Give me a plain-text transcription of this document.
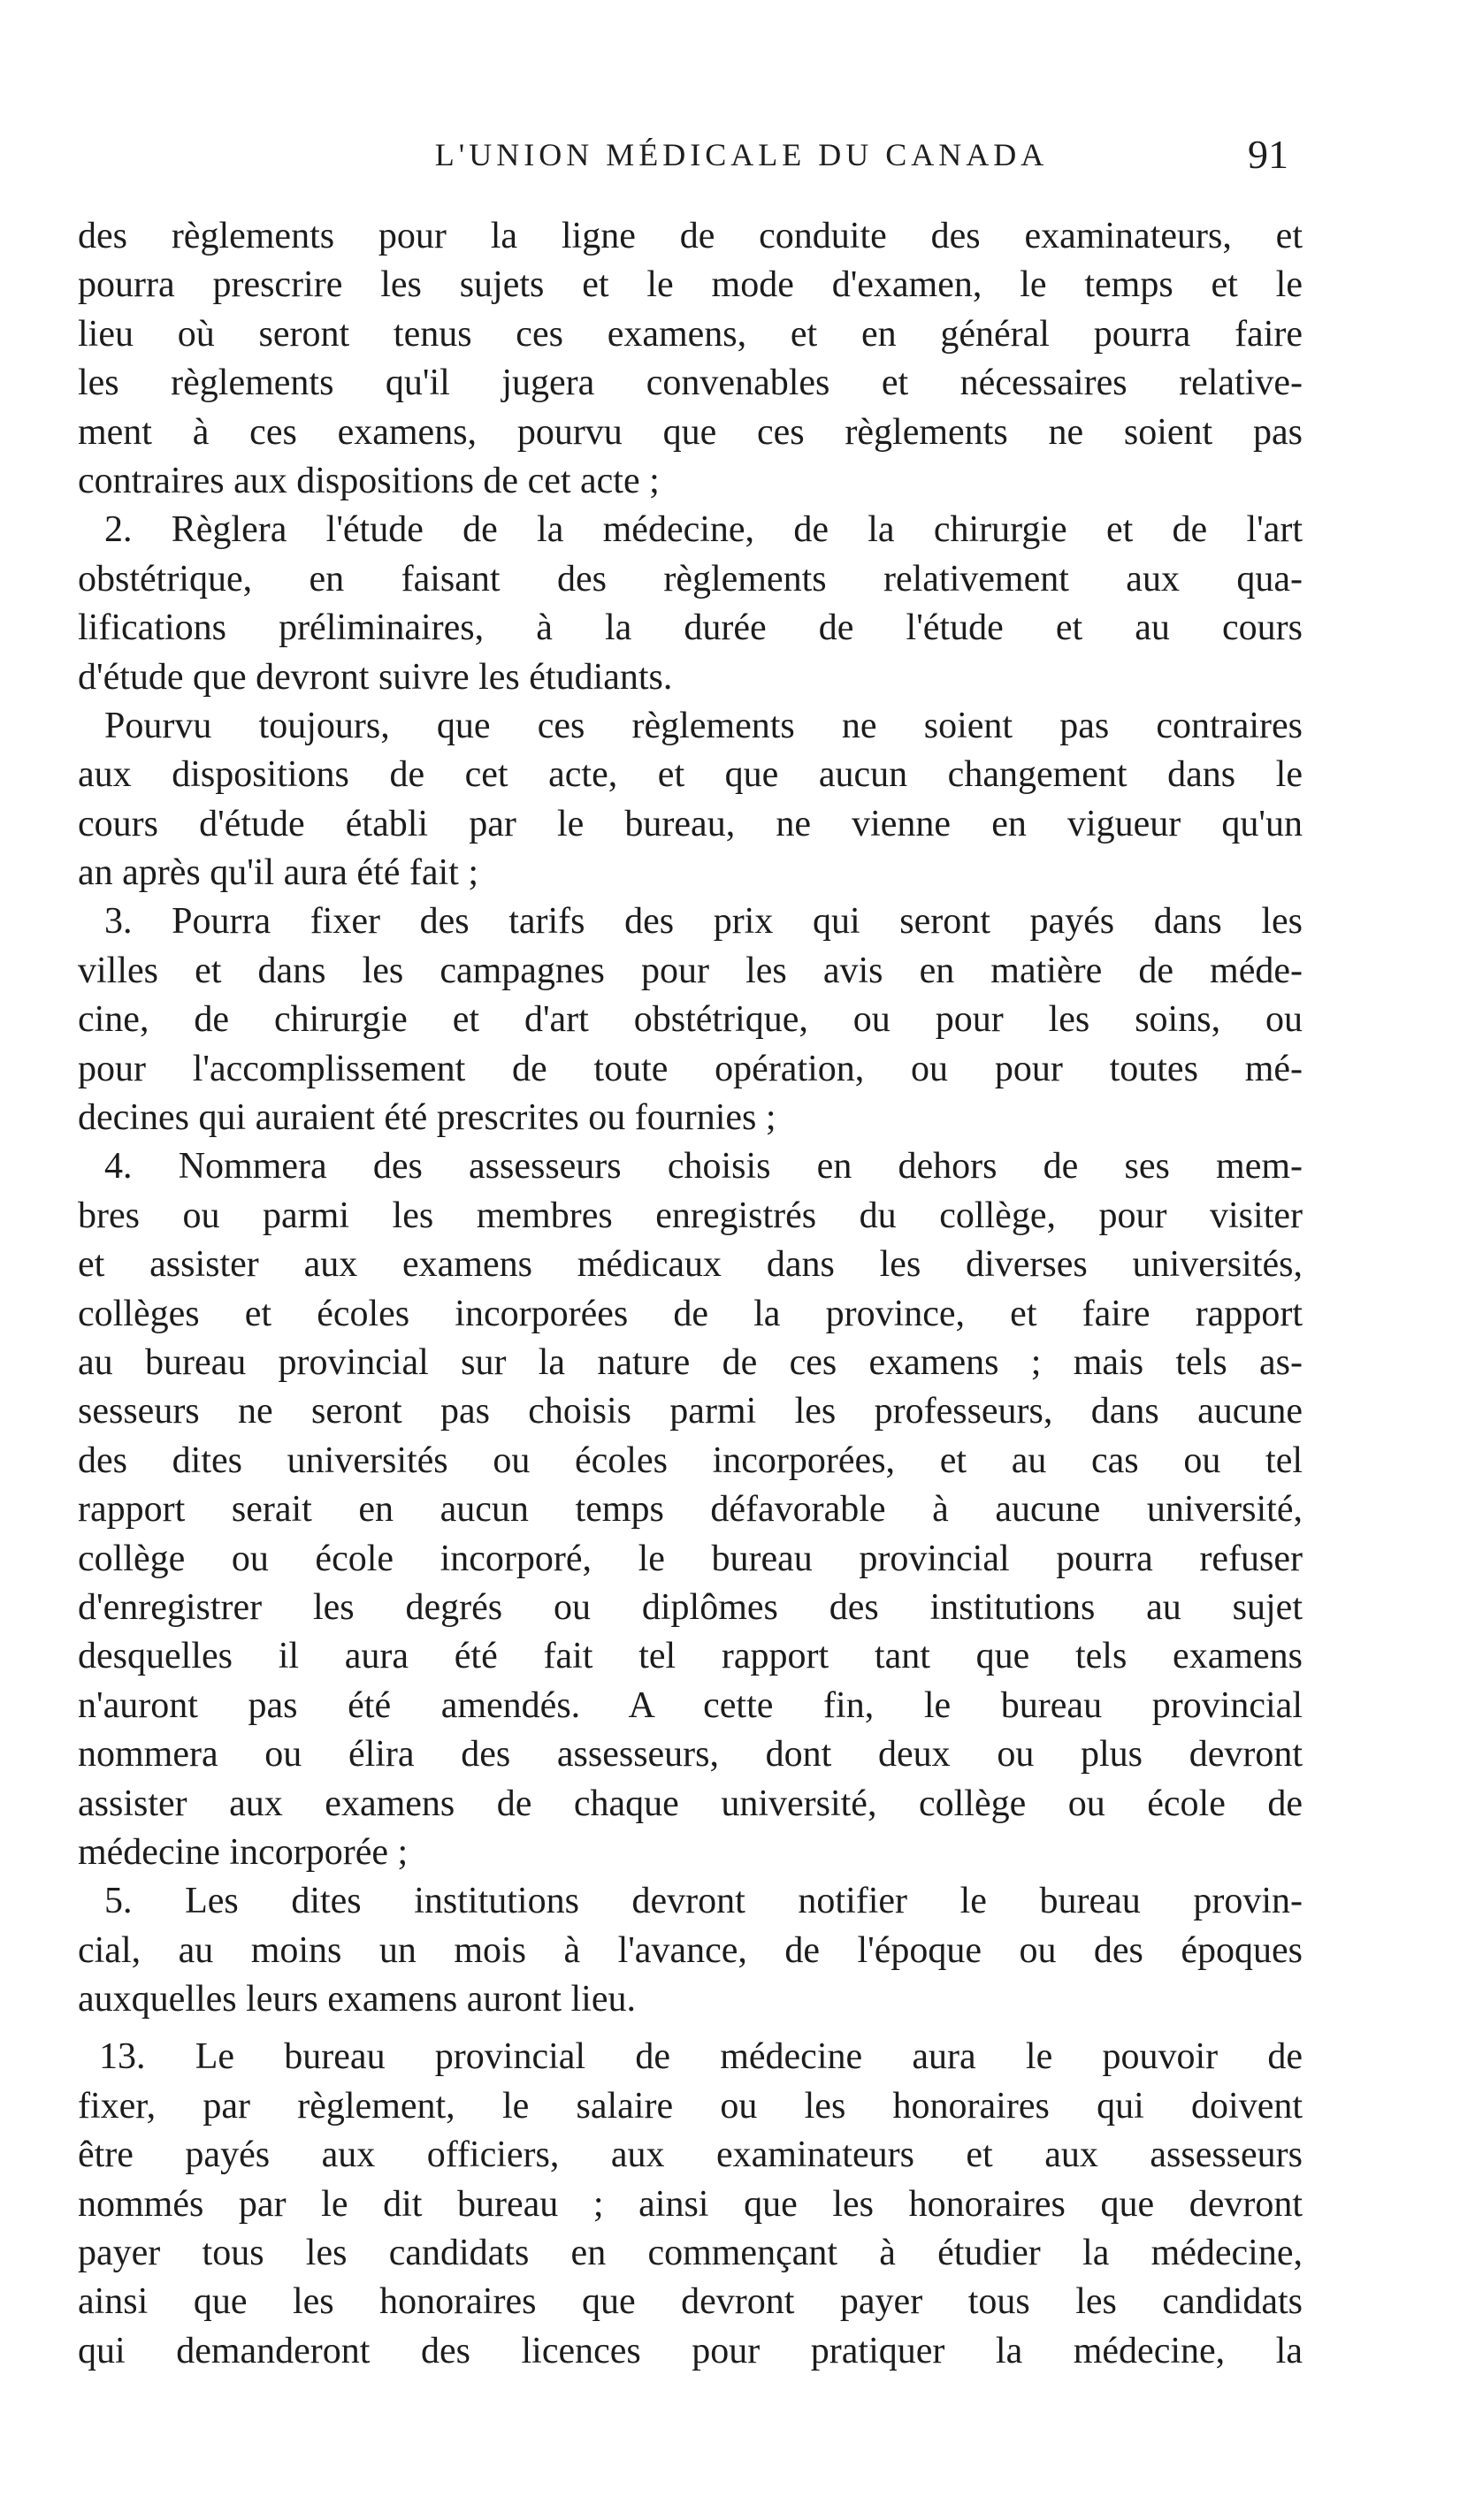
L'UNION MÉDICALE DU CANADA	91
des règlements pour la ligne de conduite des examinateurs, et
pourra prescrire les sujets et le mode d'examen, le temps et le
lieu où seront tenus ces examens, et en général pourra faire
les règlements qu'il jugera convenables et nécessaires relative-
ment à ces examens, pourvu que ces règlements ne soient pas
contraires aux dispositions de cet acte ;
2. Règlera l'étude de la médecine, de la chirurgie et de l'art
obstétrique, en faisant des règlements relativement aux qua-
lifications préliminaires, à la durée de l'étude et au cours
d'étude que devront suivre les étudiants.
Pourvu toujours, que ces règlements ne soient pas contraires
aux dispositions de cet acte, et que aucun changement dans le
cours d'étude établi par le bureau, ne vienne en vigueur qu'un
an après qu'il aura été fait ;
3. Pourra fixer des tarifs des prix qui seront payés dans les
villes et dans les campagnes pour les avis en matière de méde-
cine, de chirurgie et d'art obstétrique, ou pour les soins, ou
pour l'accomplissement de toute opération, ou pour toutes mé-
decines qui auraient été prescrites ou fournies ;
4. Nommera des assesseurs choisis en dehors de ses mem-
bres ou parmi les membres enregistrés du collège, pour visiter
et assister aux examens médicaux dans les diverses universités,
collèges et écoles incorporées de la province, et faire rapport
au bureau provincial sur la nature de ces examens ; mais tels as-
sesseurs ne seront pas choisis parmi les professeurs, dans aucune
des dites universités ou écoles incorporées, et au cas ou tel
rapport serait en aucun temps défavorable à aucune université,
collège ou école incorporé, le bureau provincial pourra refuser
d'enregistrer les degrés ou diplômes des institutions au sujet
desquelles il aura été fait tel rapport tant que tels examens
n'auront pas été amendés. A cette fin, le bureau provincial
nommera ou élira des assesseurs, dont deux ou plus devront
assister aux examens de chaque université, collège ou école de
médecine incorporée ;
5. Les dites institutions devront notifier le bureau provin-
cial, au moins un mois à l'avance, de l'époque ou des époques
auxquelles leurs examens auront lieu.
13. Le bureau provincial de médecine aura le pouvoir de
fixer, par règlement, le salaire ou les honoraires qui doivent
être payés aux officiers, aux examinateurs et aux assesseurs
nommés par le dit bureau ; ainsi que les honoraires que devront
payer tous les candidats en commençant à étudier la médecine,
ainsi que les honoraires que devront payer tous les candidats
qui demanderont des licences pour pratiquer la médecine, la
